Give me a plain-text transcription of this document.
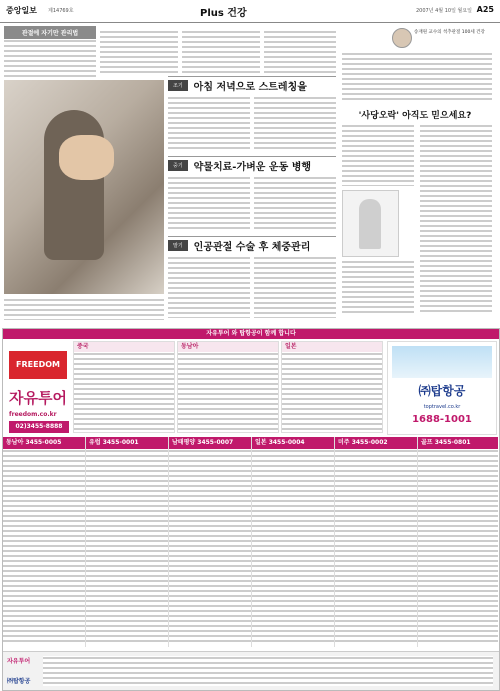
중앙일보 제14769호	Plus 건강	2007년 4월 10일 월요일 A25
관절에 자기만 관리법	송재원 교수의 척추관절 100세 건강
조기	아침 저녁으로 스트레칭을
중기	약물치료-가벼운 운동 병행
말기	인공관절 수술 후 체중관리
'사당오락' 아직도 믿으세요?
자유투어 와 탑항공이 함께 합니다
FREEDOM
자유투어
freedom.co.kr
02)3455-8888
중국	동남아	일본
㈜탑항공
toptravel.co.kr
1688-1001
동남아 3455-0005	유럽 3455-0001	남태평양 3455-0007	일본 3455-0004	미주 3455-0002	골프 3455-0801
자유투어
㈜탑항공
